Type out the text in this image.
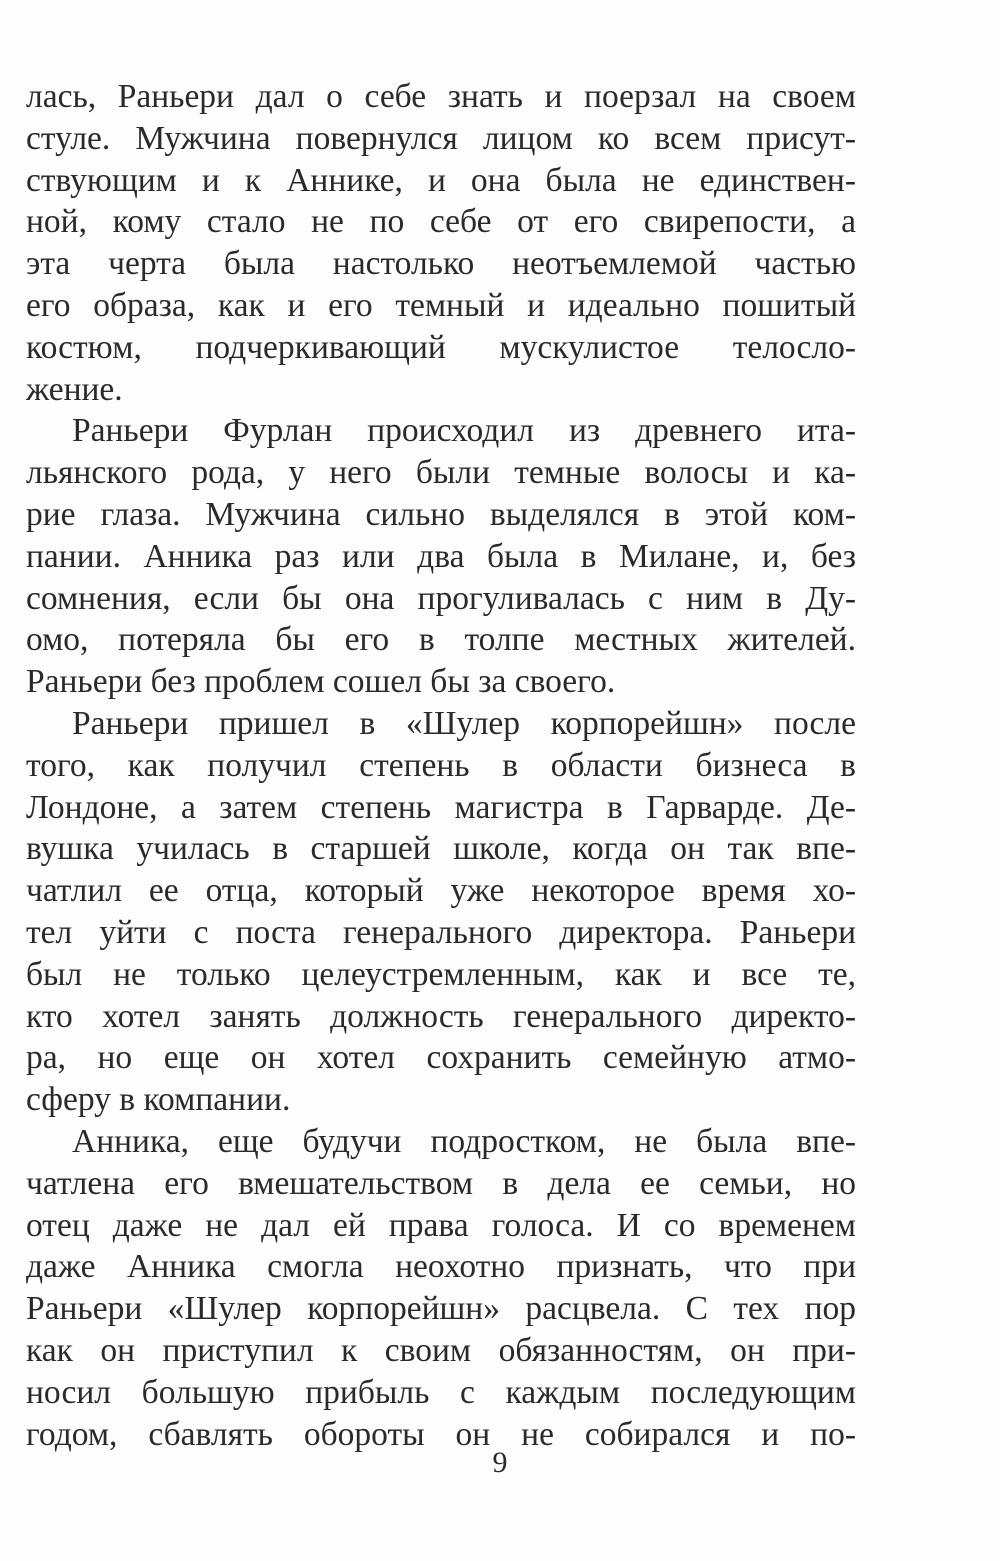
лась, Раньери дал о себе знать и поерзал на своем
стуле. Мужчина повернулся лицом ко всем присут-
ствующим и к Аннике, и она была не единствен-
ной, кому стало не по себе от его свирепости, а
эта черта была настолько неотъемлемой частью
его образа, как и его темный и идеально пошитый
костюм, подчеркивающий мускулистое телосло-
жение.
Раньери Фурлан происходил из древнего ита-
льянского рода, у него были темные волосы и ка-
рие глаза. Мужчина сильно выделялся в этой ком-
пании. Анника раз или два была в Милане, и, без
сомнения, если бы она прогуливалась с ним в Ду-
омо, потеряла бы его в толпе местных жителей.
Раньери без проблем сошел бы за своего.
Раньери пришел в «Шулер корпорейшн» после
того, как получил степень в области бизнеса в
Лондоне, а затем степень магистра в Гарварде. Де-
вушка училась в старшей школе, когда он так впе-
чатлил ее отца, который уже некоторое время хо-
тел уйти с поста генерального директора. Раньери
был не только целеустремленным, как и все те,
кто хотел занять должность генерального директо-
ра, но еще он хотел сохранить семейную атмо-
сферу в компании.
Анника, еще будучи подростком, не была впе-
чатлена его вмешательством в дела ее семьи, но
отец даже не дал ей права голоса. И со временем
даже Анника смогла неохотно признать, что при
Раньери «Шулер корпорейшн» расцвела. С тех пор
как он приступил к своим обязанностям, он при-
носил большую прибыль с каждым последующим
годом, сбавлять обороты он не собирался и по-
9
